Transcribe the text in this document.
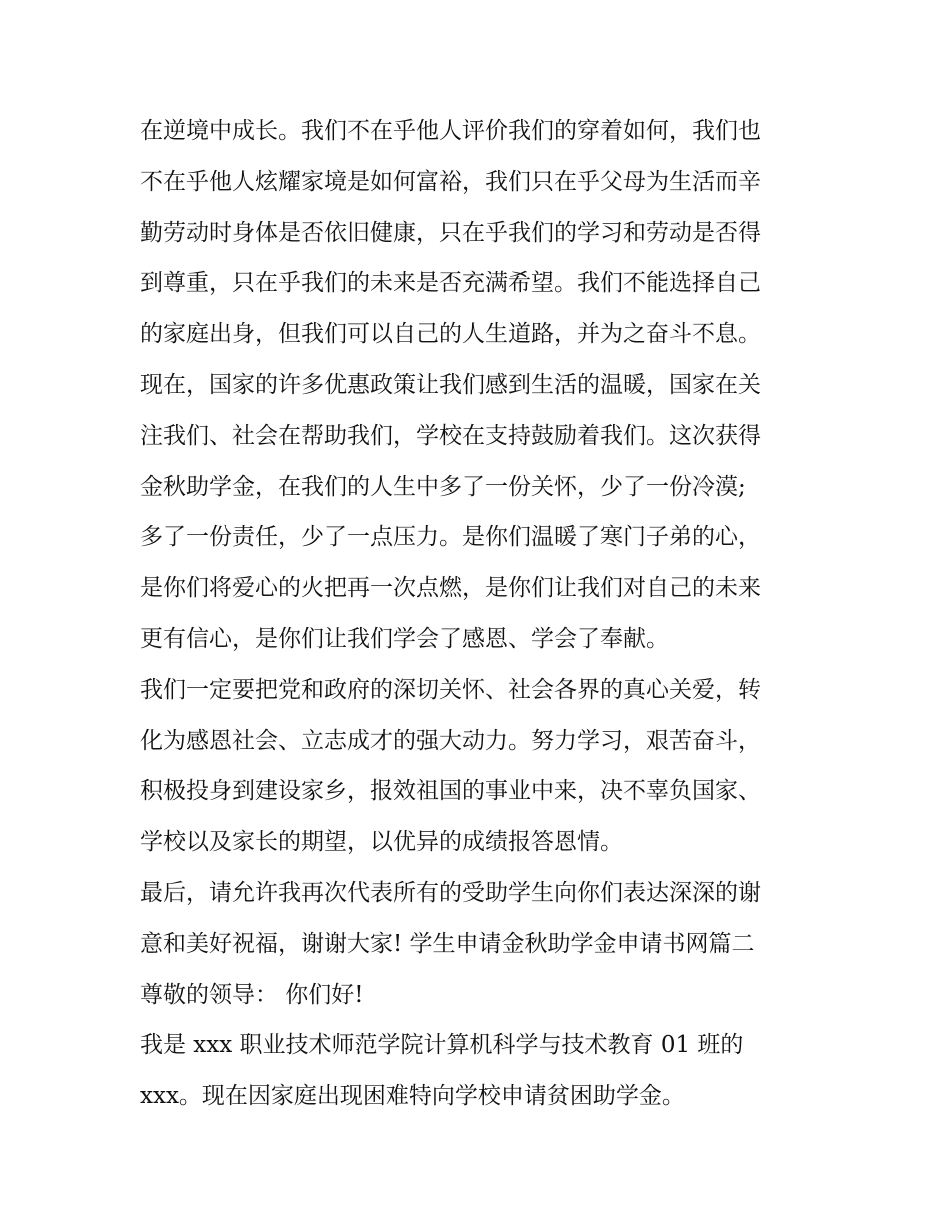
在逆境中成长。我们不在乎他人评价我们的穿着如何，我们也
不在乎他人炫耀家境是如何富裕，我们只在乎父母为生活而辛
勤劳动时身体是否依旧健康，只在乎我们的学习和劳动是否得
到尊重，只在乎我们的未来是否充满希望。我们不能选择自己
的家庭出身，但我们可以自己的人生道路，并为之奋斗不息。
现在，国家的许多优惠政策让我们感到生活的温暖，国家在关
注我们、社会在帮助我们，学校在支持鼓励着我们。这次获得
金秋助学金，在我们的人生中多了一份关怀，少了一份冷漠;
多了一份责任，少了一点压力。是你们温暖了寒门子弟的心，
是你们将爱心的火把再一次点燃，是你们让我们对自己的未来
更有信心，是你们让我们学会了感恩、学会了奉献。
我们一定要把党和政府的深切关怀、社会各界的真心关爱，转
化为感恩社会、立志成才的强大动力。努力学习，艰苦奋斗，
积极投身到建设家乡，报效祖国的事业中来，决不辜负国家、
学校以及家长的期望，以优异的成绩报答恩情。
最后，请允许我再次代表所有的受助学生向你们表达深深的谢
意和美好祝福，谢谢大家! 学生申请金秋助学金申请书网篇二
尊敬的领导： 你们好!
我是 xxx 职业技术师范学院计算机科学与技术教育 01 班的
xxx。现在因家庭出现困难特向学校申请贫困助学金。
